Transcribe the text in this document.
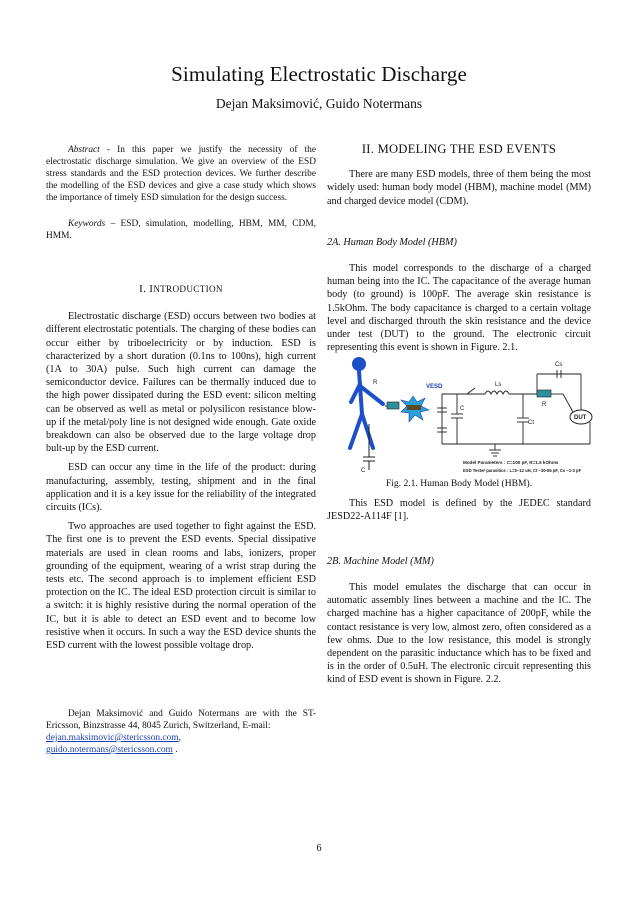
Simulating Electrostatic Discharge
Dejan Maksimović, Guido Notermans

Abstract - In this paper we justify the necessity of the electrostatic discharge simulation. We give an overview of the ESD stress standards and the ESD protection devices. We further describe the modelling of the ESD devices and give a case study which shows the importance of timely ESD simulation for the design success.

Keywords – ESD, simulation, modelling, HBM, MM, CDM, HMM.

I. INTRODUCTION

Electrostatic discharge (ESD) occurs between two bodies at different electrostatic potentials. The charging of these bodies can occur either by triboelectricity or by induction. ESD is characterized by a short duration (0.1ns to 100ns), high current (1A to 30A) pulse. Such high current can damage the semiconductor device. Failures can be thermally induced due to the high power dissipated during the ESD event: silicon melting can be observed as well as metal or polysilicon resistance blow-up if the metal/poly line is not designed wide enough. Gate oxide breakdown can also be observed due to the large voltage drop bult-up by the ESD current.

ESD can occur any time in the life of the product: during manufacturing, assembly, testing, shipment and in the final application and it is a key issue for the reliability of the integrated circuits (ICs).

Two approaches are used together to fight against the ESD. The first one is to prevent the ESD events. Special dissipative materials are used in clean rooms and labs, ionizers, proper grounding of the equipment, wearing of a wrist strap during the tests etc. The second approach is to implement efficient ESD protection on the IC. The ideal ESD protection circuit is similar to a switch: it is highly resistive during the normal operation of the IC, but it is able to detect an ESD event and to become low resistive when it occurs. In such a way the ESD device shunts the ESD current with the lowest possible voltage drop.

Dejan Maksimović and Guido Notermans are with the ST-Ericsson, Binzstrasse 44, 8045 Zurich, Switzerland, E-mail:

dejan.maksimovic@stericsson.com,

guido.notermans@stericsson.com .

II. MODELING THE ESD EVENTS

There are many ESD models, three of them being the most widely used: human body model (HBM), machine model (MM) and charged device model (CDM).

2A. Human Body Model (HBM)

This model corresponds to the discharge of a charged human being into the IC. The capacitance of the average human body (to ground) is 100pF. The average skin resistance is 1.5kOhm. The body capacitance is charged to a certain voltage level and discharged throuth the skin resistance and the device under test (DUT) to the ground. The electronic circuit representing this event is shown in Figure. 2.1.

R
C
DUT
VESD	Ls
Cs
R
C
Ct
Model Parameters : C=100 pF, R=1.5 kOhms
ESD Tester parasitics : L=5~12 uH, Ct ~30-55 pF, Cs ~1-3 pF
Fig. 2.1. Human Body Model (HBM).

This ESD model is defined by the JEDEC standard JESD22-A114F [1].

2B. Machine Model (MM)

This model emulates the discharge that can occur in automatic assembly lines between a machine and the IC. The charged machine has a higher capacitance of 200pF, while the contact resistance is very low, almost zero, often considered as a few ohms. Due to the low resistance, this model is strongly dependent on the parasitic inductance which has to be fixed and is in the order of 0.5uH. The electronic circuit representing this kind of ESD event is shown in Figure. 2.2.

6
